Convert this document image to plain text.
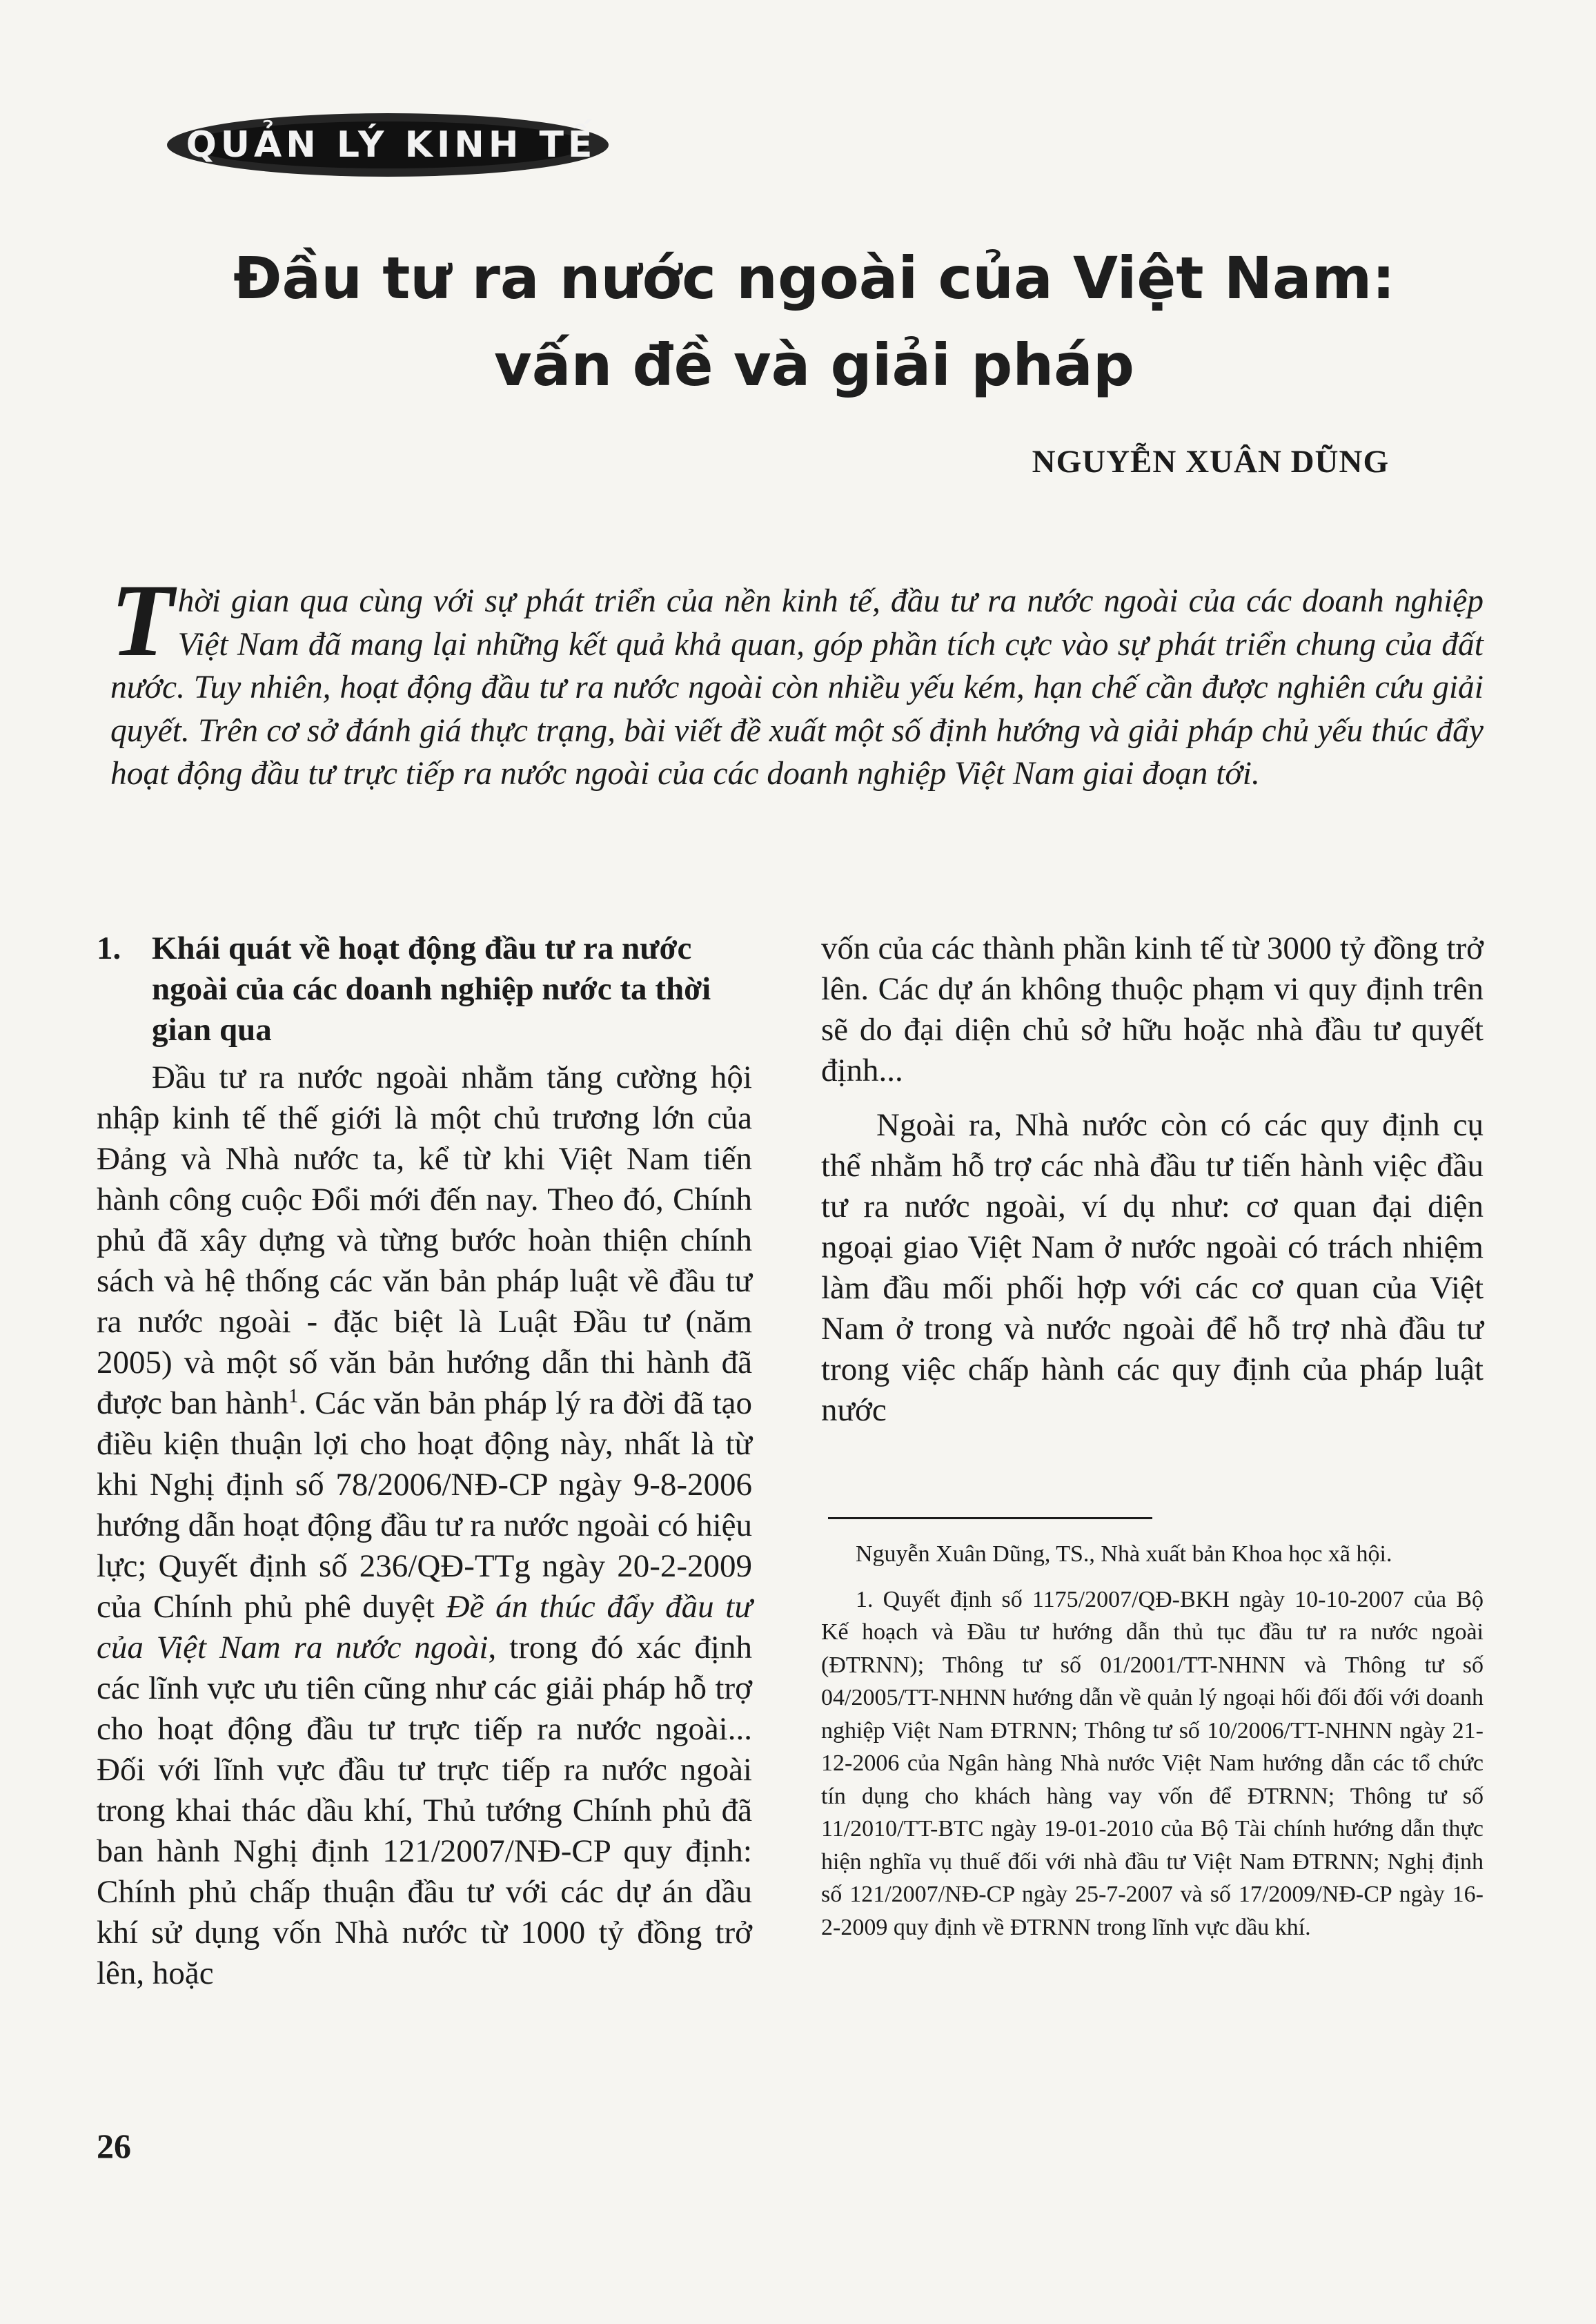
QUẢN LÝ KINH TẾ
Đầu tư ra nước ngoài của Việt Nam:
vấn đề và giải pháp
NGUYỄN XUÂN DŨNG
T hời gian qua cùng với sự phát triển của nền kinh tế, đầu tư ra nước ngoài của các doanh nghiệp Việt Nam đã mang lại những kết quả khả quan, góp phần tích cực vào sự phát triển chung của đất nước. Tuy nhiên, hoạt động đầu tư ra nước ngoài còn nhiều yếu kém, hạn chế cần được nghiên cứu giải quyết. Trên cơ sở đánh giá thực trạng, bài viết đề xuất một số định hướng và giải pháp chủ yếu thúc đẩy hoạt động đầu tư trực tiếp ra nước ngoài của các doanh nghiệp Việt Nam giai đoạn tới.
1. Khái quát về hoạt động đầu tư ra nước ngoài của các doanh nghiệp nước ta thời gian qua

Đầu tư ra nước ngoài nhằm tăng cường hội nhập kinh tế thế giới là một chủ trương lớn của Đảng và Nhà nước ta, kể từ khi Việt Nam tiến hành công cuộc Đổi mới đến nay. Theo đó, Chính phủ đã xây dựng và từng bước hoàn thiện chính sách và hệ thống các văn bản pháp luật về đầu tư ra nước ngoài - đặc biệt là Luật Đầu tư (năm 2005) và một số văn bản hướng dẫn thi hành đã được ban hành$^1$. Các văn bản pháp lý ra đời đã tạo điều kiện thuận lợi cho hoạt động này, nhất là từ khi Nghị định số 78/2006/NĐ-CP ngày 9-8-2006 hướng dẫn hoạt động đầu tư ra nước ngoài có hiệu lực; Quyết định số 236/QĐ-TTg ngày 20-2-2009 của Chính phủ phê duyệt Đề án thúc đẩy đầu tư của Việt Nam ra nước ngoài, trong đó xác định các lĩnh vực ưu tiên cũng như các giải pháp hỗ trợ cho hoạt động đầu tư trực tiếp ra nước ngoài... Đối với lĩnh vực đầu tư trực tiếp ra nước ngoài trong khai thác dầu khí, Thủ tướng Chính phủ đã ban hành Nghị định 121/2007/NĐ-CP quy định: Chính phủ chấp thuận đầu tư với các dự án dầu khí sử dụng vốn Nhà nước từ 1000 tỷ đồng trở lên, hoặc

vốn của các thành phần kinh tế từ 3000 tỷ đồng trở lên. Các dự án không thuộc phạm vi quy định trên sẽ do đại diện chủ sở hữu hoặc nhà đầu tư quyết định...

Ngoài ra, Nhà nước còn có các quy định cụ thể nhằm hỗ trợ các nhà đầu tư tiến hành việc đầu tư ra nước ngoài, ví dụ như: cơ quan đại diện ngoại giao Việt Nam ở nước ngoài có trách nhiệm làm đầu mối phối hợp với các cơ quan của Việt Nam ở trong và nước ngoài để hỗ trợ nhà đầu tư trong việc chấp hành các quy định của pháp luật nước

Nguyễn Xuân Dũng, TS., Nhà xuất bản Khoa học xã hội.

1. Quyết định số 1175/2007/QĐ-BKH ngày 10-10-2007 của Bộ Kế hoạch và Đầu tư hướng dẫn thủ tục đầu tư ra nước ngoài (ĐTRNN); Thông tư số 01/2001/TT-NHNN và Thông tư số 04/2005/TT-NHNN hướng dẫn về quản lý ngoại hối đối đối với doanh nghiệp Việt Nam ĐTRNN; Thông tư số 10/2006/TT-NHNN ngày 21-12-2006 của Ngân hàng Nhà nước Việt Nam hướng dẫn các tổ chức tín dụng cho khách hàng vay vốn để ĐTRNN; Thông tư số 11/2010/TT-BTC ngày 19-01-2010 của Bộ Tài chính hướng dẫn thực hiện nghĩa vụ thuế đối với nhà đầu tư Việt Nam ĐTRNN; Nghị định số 121/2007/NĐ-CP ngày 25-7-2007 và số 17/2009/NĐ-CP ngày 16-2-2009 quy định về ĐTRNN trong lĩnh vực dầu khí.

26
